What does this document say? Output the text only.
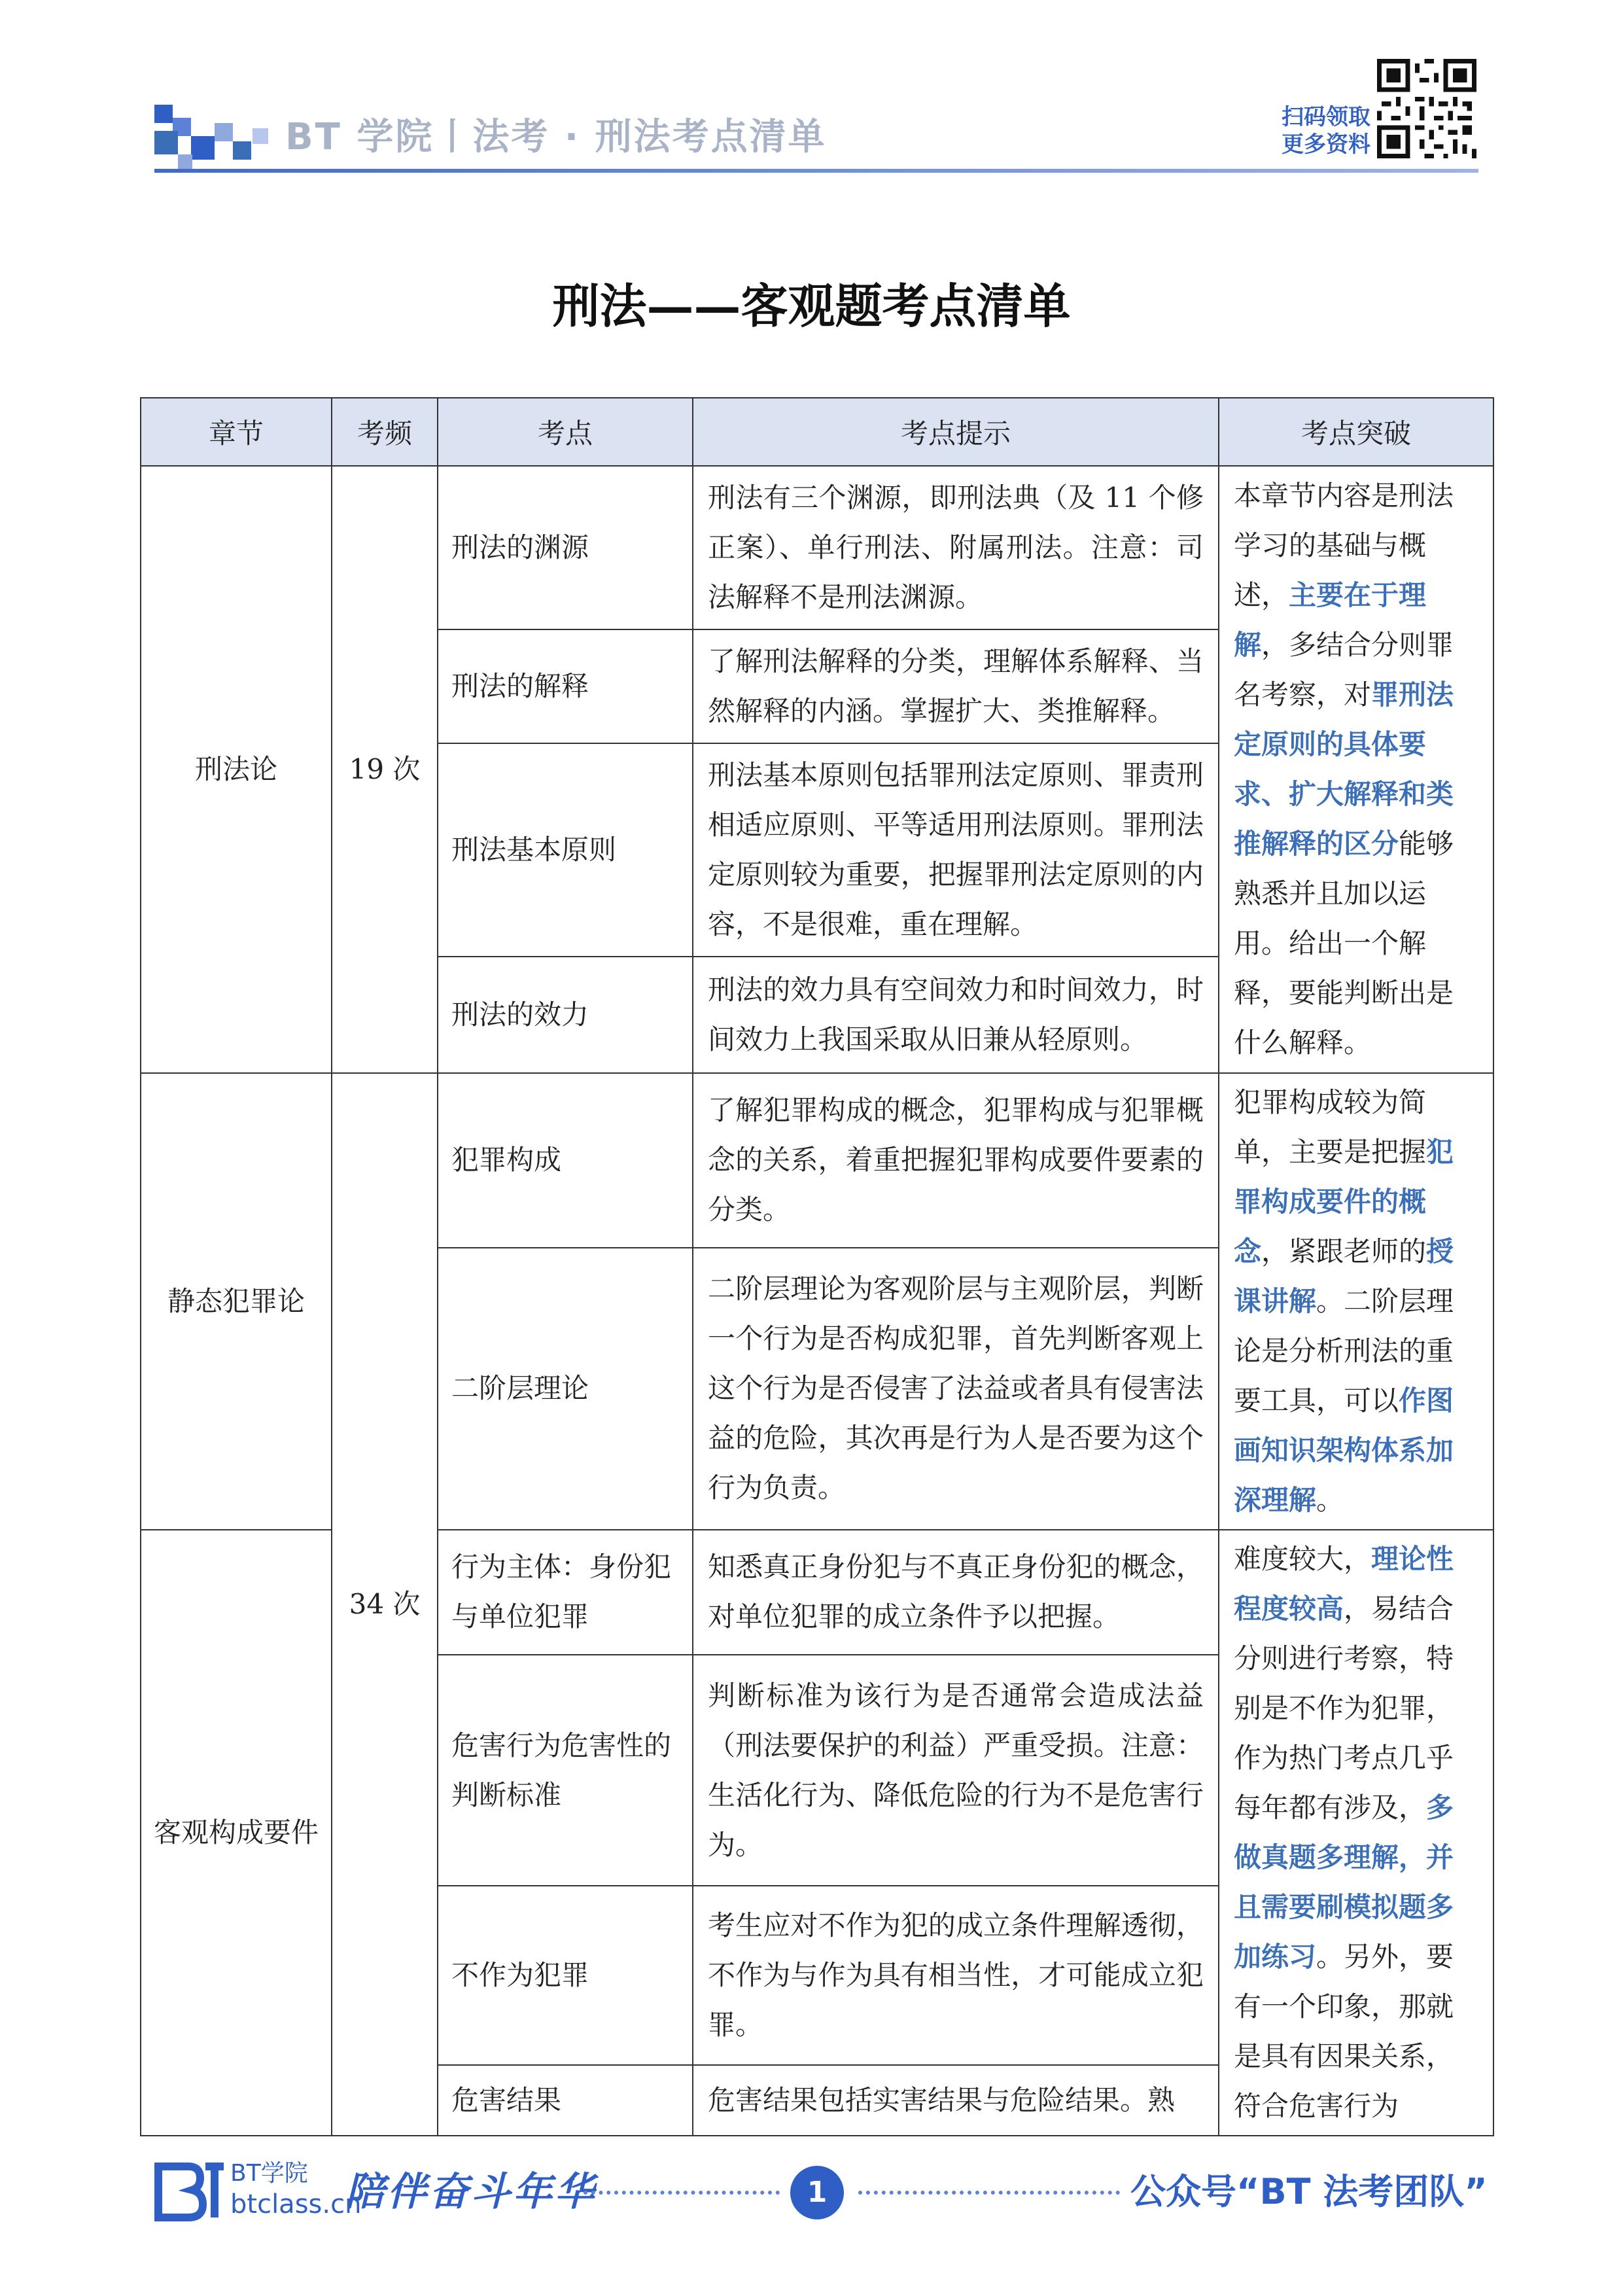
BT 学院丨法考 · 刑法考点清单	扫码领取
更多资料
刑法——客观题考点清单
章节	考频	考点	考点提示	考点突破
刑法论	19 次	刑法的渊源	刑法有三个渊源，即刑法典（及 11 个修正案）、单行刑法、附属刑法。注意：司法解释不是刑法渊源。	本章节内容是刑法学习的基础与概述，主要在于理解，多结合分则罪名考察，对罪刑法定原则的具体要求、扩大解释和类推解释的区分能够熟悉并且加以运用。给出一个解释，要能判断出是什么解释。
		刑法的解释	了解刑法解释的分类，理解体系解释、当然解释的内涵。掌握扩大、类推解释。	
		刑法基本原则	刑法基本原则包括罪刑法定原则、罪责刑相适应原则、平等适用刑法原则。罪刑法定原则较为重要，把握罪刑法定原则的内容，不是很难，重在理解。	
		刑法的效力	刑法的效力具有空间效力和时间效力，时间效力上我国采取从旧兼从轻原则。	
静态犯罪论	34 次	犯罪构成	了解犯罪构成的概念，犯罪构成与犯罪概念的关系，着重把握犯罪构成要件要素的分类。	犯罪构成较为简单，主要是把握犯罪构成要件的概念，紧跟老师的授课讲解。二阶层理论是分析刑法的重要工具，可以作图画知识架构体系加深理解。
		二阶层理论	二阶层理论为客观阶层与主观阶层，判断一个行为是否构成犯罪，首先判断客观上这个行为是否侵害了法益或者具有侵害法益的危险，其次再是行为人是否要为这个行为负责。	
客观构成要件		行为主体：身份犯与单位犯罪	知悉真正身份犯与不真正身份犯的概念，对单位犯罪的成立条件予以把握。	难度较大，理论性程度较高，易结合分则进行考察，特别是不作为犯罪，作为热门考点几乎每年都有涉及，多做真题多理解，并且需要刷模拟题多加练习。另外，要有一个印象，那就是具有因果关系，符合危害行为
		危害行为危害性的判断标准	判断标准为该行为是否通常会造成法益（刑法要保护的利益）严重受损。注意：生活化行为、降低危险的行为不是危害行为。	
		不作为犯罪	考生应对不作为犯的成立条件理解透彻，不作为与作为具有相当性，才可能成立犯罪。	
		危害结果	危害结果包括实害结果与危险结果。熟	
BT学院
btclass.cn
陪伴奋斗年华	1	公众号“BT 法考团队”
